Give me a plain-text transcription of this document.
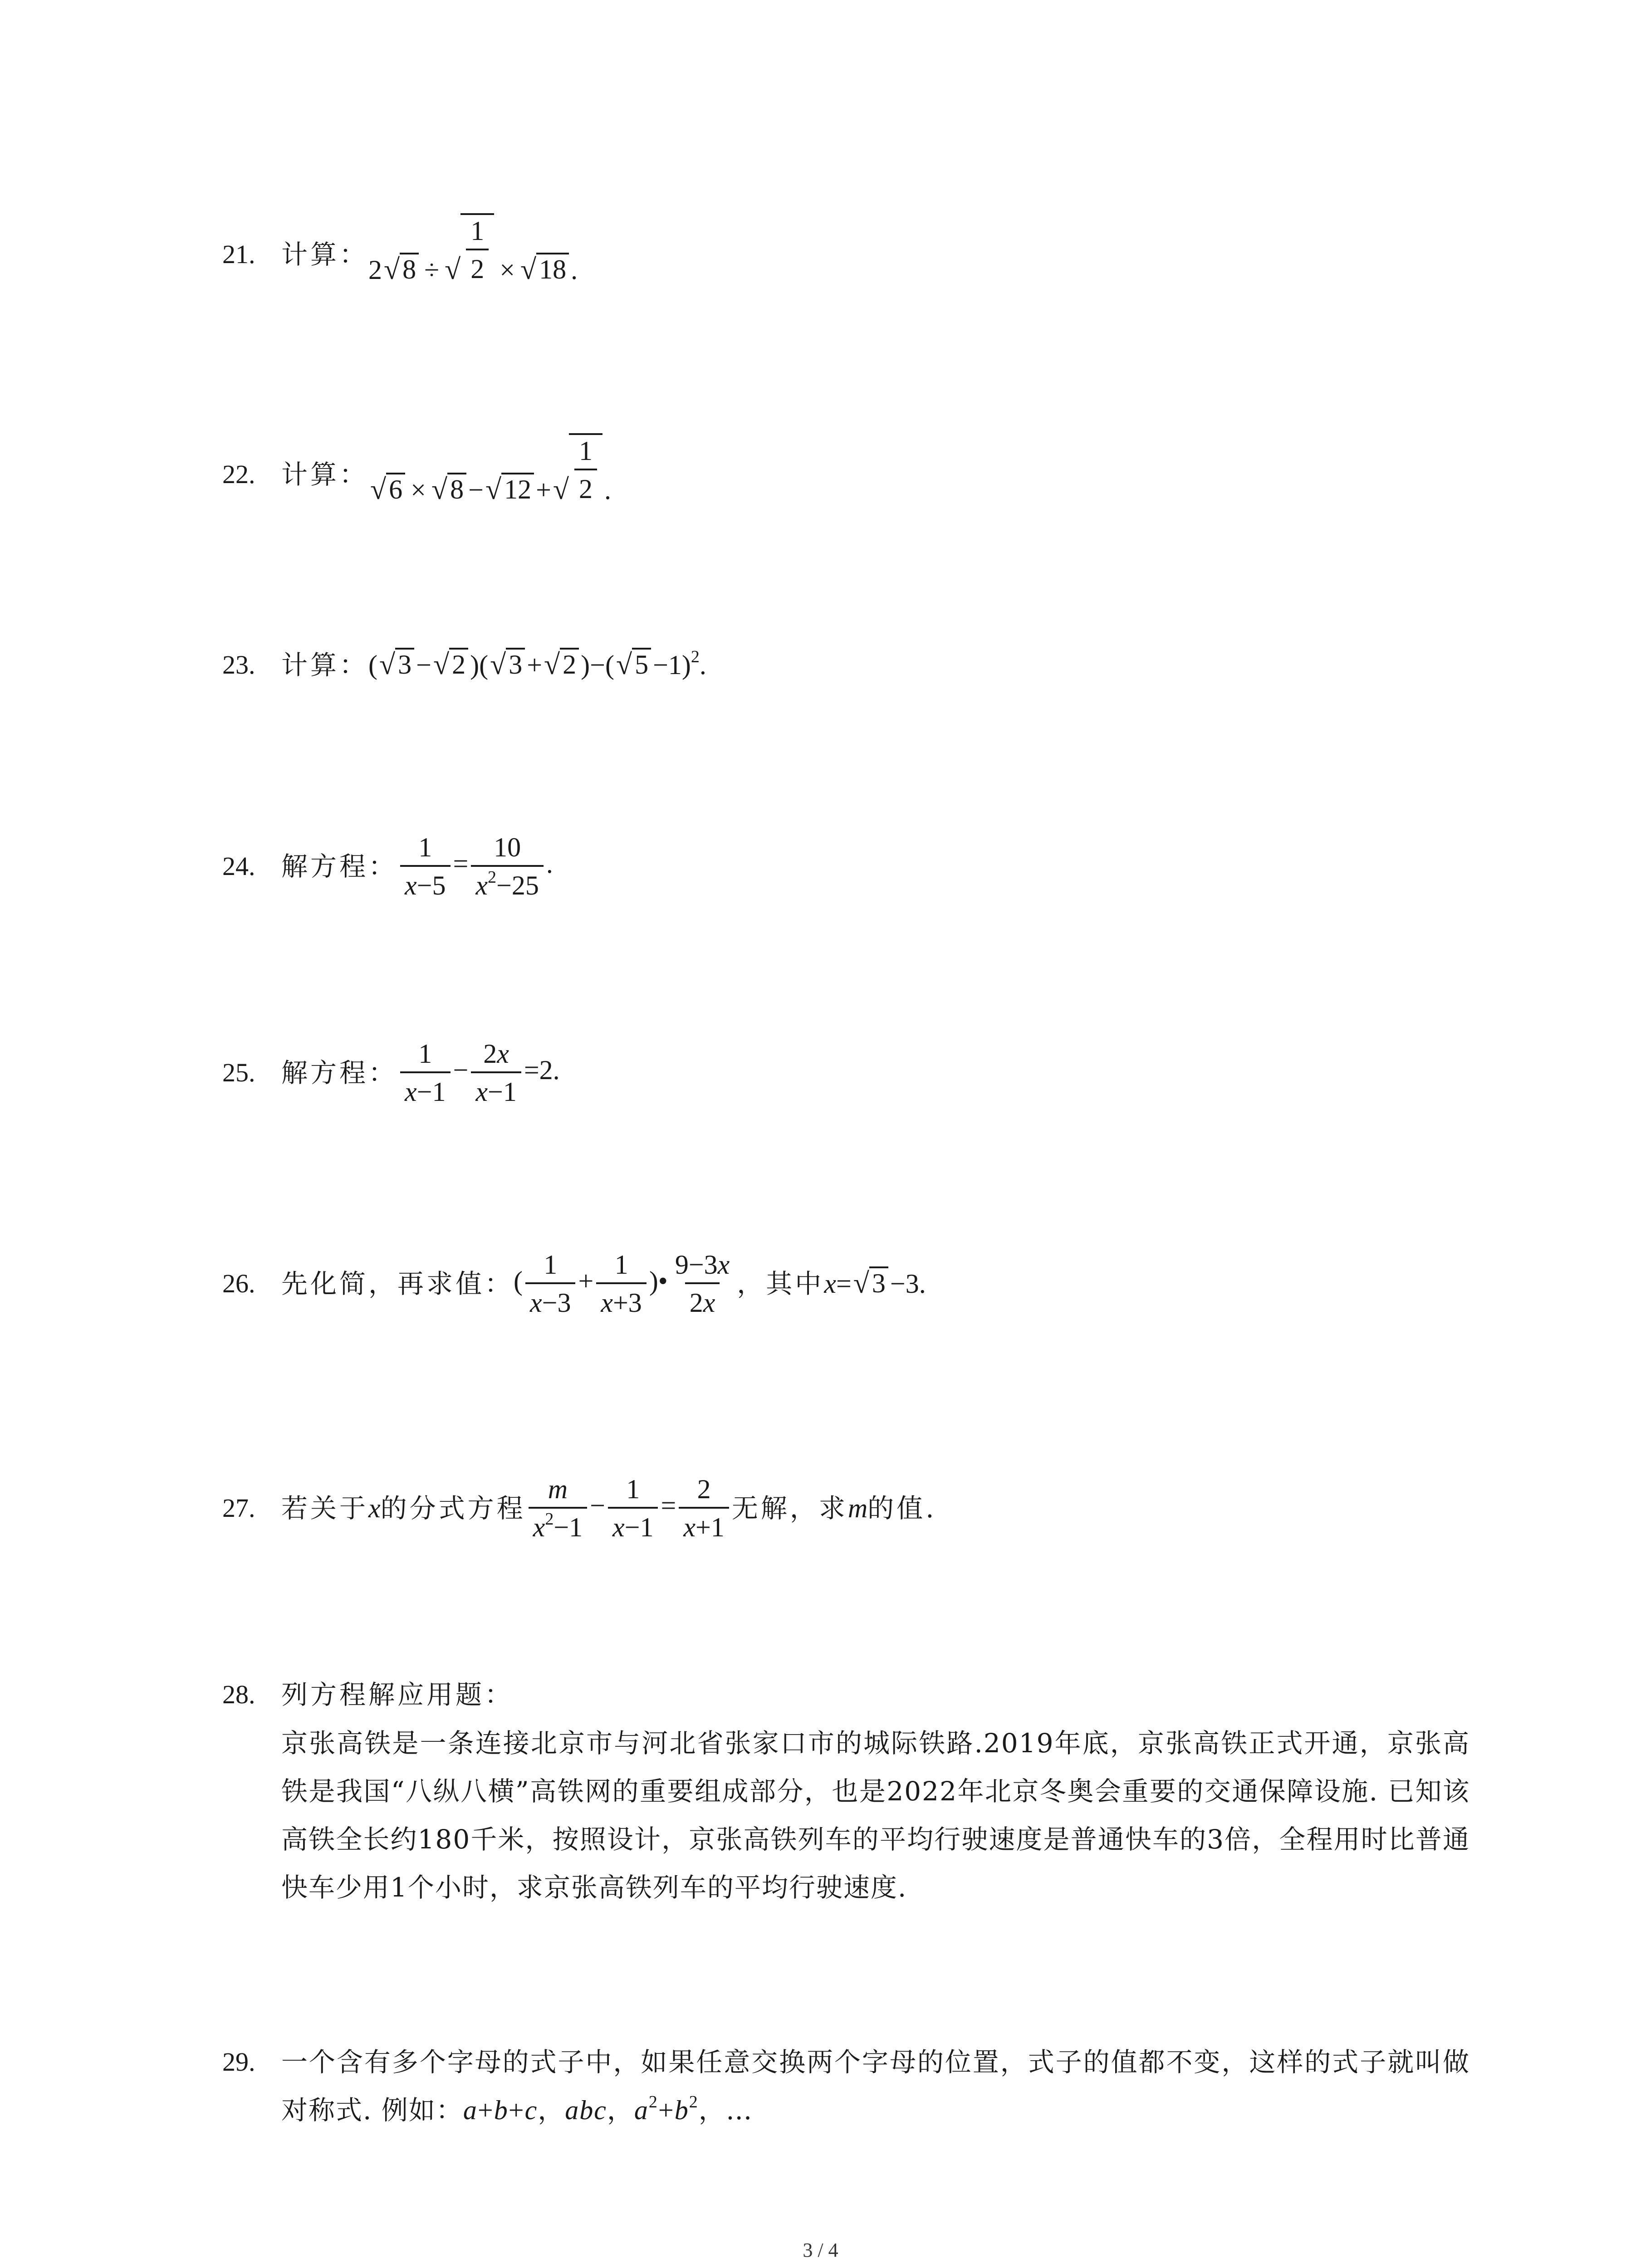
21. 计算：
2 √ 8 ÷ √ $\frac{1}{2}$ × √ 18 .
22. 计算： √ 6 × √ 8 − √ 12 + √ $\frac{1}{2}$ .
23. 计算： ( √ 3 − √ 2 )( √ 3 + √ 2 )−( √ 5 −1)$^2$.
24. 解方程： $\frac{1}{x-5} = \frac{10}{x^2-25}$ .
25. 解方程： $\frac{1}{x-1} - \frac{2x}{x-1} =2$.
26. 先化简，再求值： ( $\frac{1}{x-3} + \frac{1}{x+3}$ )• $\frac{9-3x}{2x}$ ，其中 x= √ 3 −3.
27. 若关于 x 的分式方程 $\frac{m}{x^2-1} - \frac{1}{x-1} = \frac{2}{x+1}$ 无解，求 m 的值.
28. 列方程解应用题：
京张高铁是一条连接北京市与河北省张家口市的城际铁路.2019年底，京张高铁正式开通，京张高铁是我国“八纵八横”高铁网的重要组成部分，也是2022年北京冬奥会重要的交通保障设施. 已知该高铁全长约180千米，按照设计，京张高铁列车的平均行驶速度是普通快车的3倍，全程用时比普通快车少用1个小时，求京张高铁列车的平均行驶速度.
29. 一个含有多个字母的式子中，如果任意交换两个字母的位置，式子的值都不变，这样的式子就叫做对称式. 例如：a+b+c，abc，$a^2+b^2$，…
3 / 4
